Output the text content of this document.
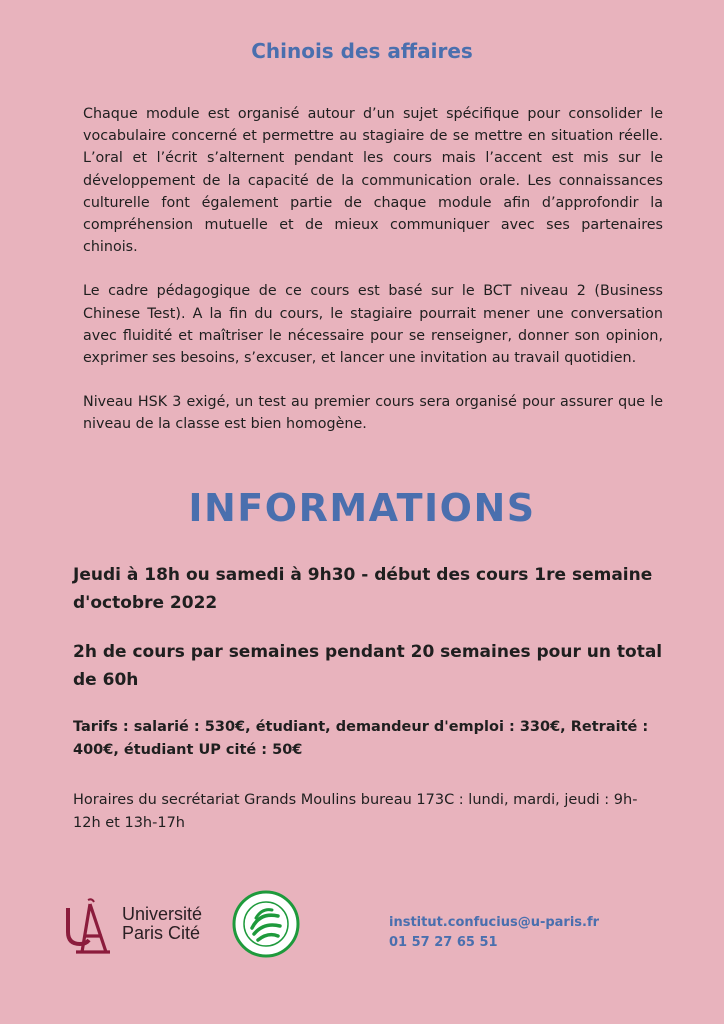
Chinois des affaires

Chaque module est organisé autour d’un sujet spécifique pour consolider le vocabulaire concerné et permettre au stagiaire de se mettre en situation réelle. L’oral et l’écrit s’alternent pendant les cours mais l’accent est mis sur le développement de la capacité de la communication orale. Les connaissances culturelle font également partie de chaque module afin d’approfondir la compréhension mutuelle et de mieux communiquer avec ses partenaires chinois.

Le cadre pédagogique de ce cours est basé sur le BCT niveau 2 (Business Chinese Test). A la fin du cours, le stagiaire pourrait mener une conversation avec fluidité et maîtriser le nécessaire pour se renseigner, donner son opinion, exprimer ses besoins, s’excuser, et lancer une invitation au travail quotidien.

Niveau HSK 3 exigé, un test au premier cours sera organisé pour assurer que le niveau de la classe est bien homogène.

INFORMATIONS
Jeudi à 18h ou samedi à 9h30 - début des cours 1re semaine d'octobre 2022
2h de cours par semaines pendant 20 semaines pour un total de 60h
Tarifs : salarié : 530€, étudiant, demandeur d'emploi : 330€, Retraité : 400€, étudiant UP cité : 50€
Horaires du secrétariat Grands Moulins bureau 173C : lundi, mardi, jeudi : 9h-12h et 13h-17h
Université
Paris Cité
institut.confucius@u-paris.fr
01 57 27 65 51
